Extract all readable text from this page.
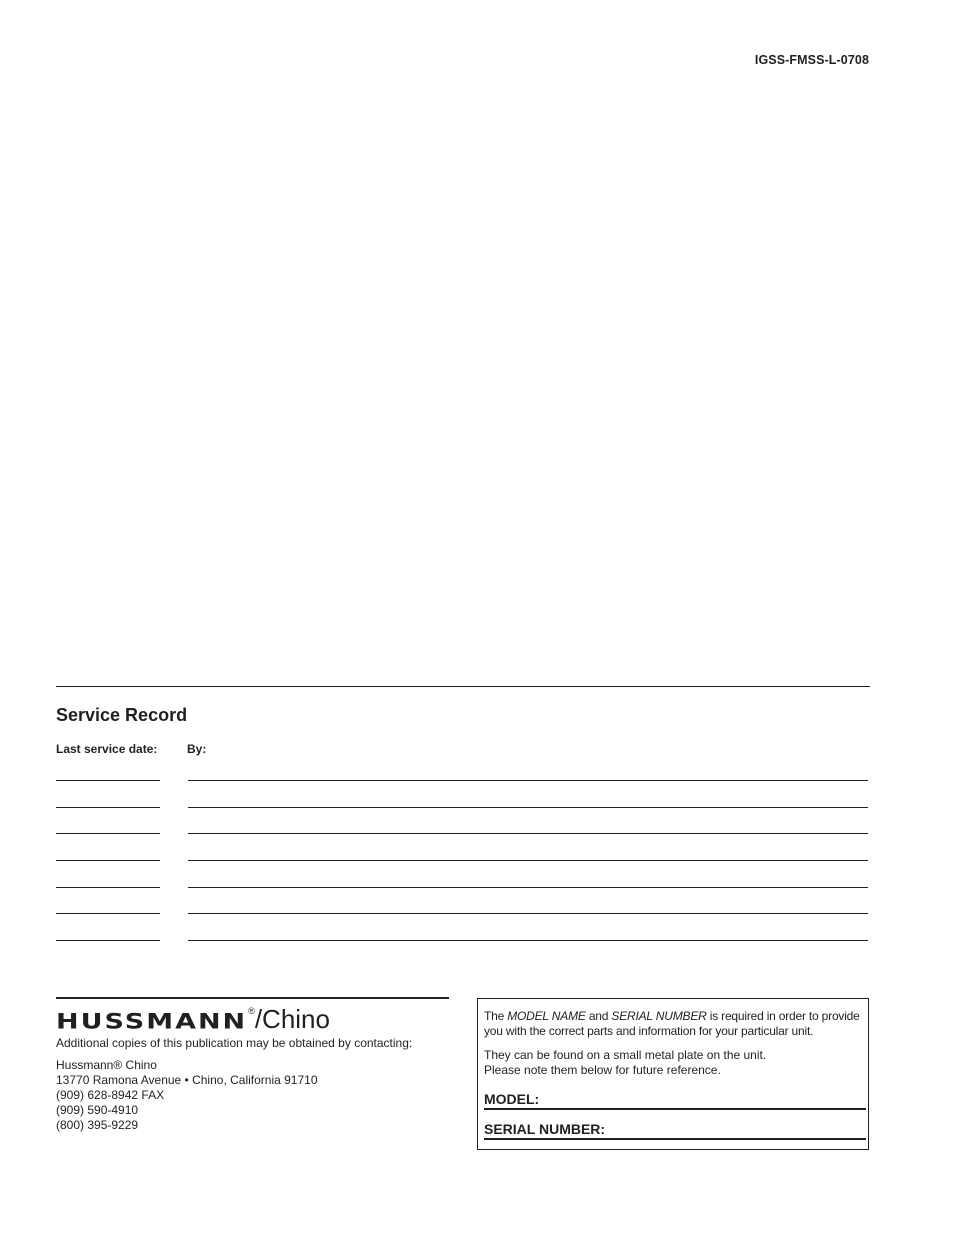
IGSS-FMSS-L-0708
Service Record
Last service date: By:
HUSSMANN ® /Chino
Additional copies of this publication may be obtained by contacting:
Hussmann® Chino
13770 Ramona Avenue • Chino, California 91710
(909) 628-8942 FAX
(909) 590-4910
(800) 395-9229
The MODEL NAME and SERIAL NUMBER is required in order to provide you with the correct parts and information for your particular unit.
They can be found on a small metal plate on the unit.
Please note them below for future reference.
MODEL:
SERIAL NUMBER:
